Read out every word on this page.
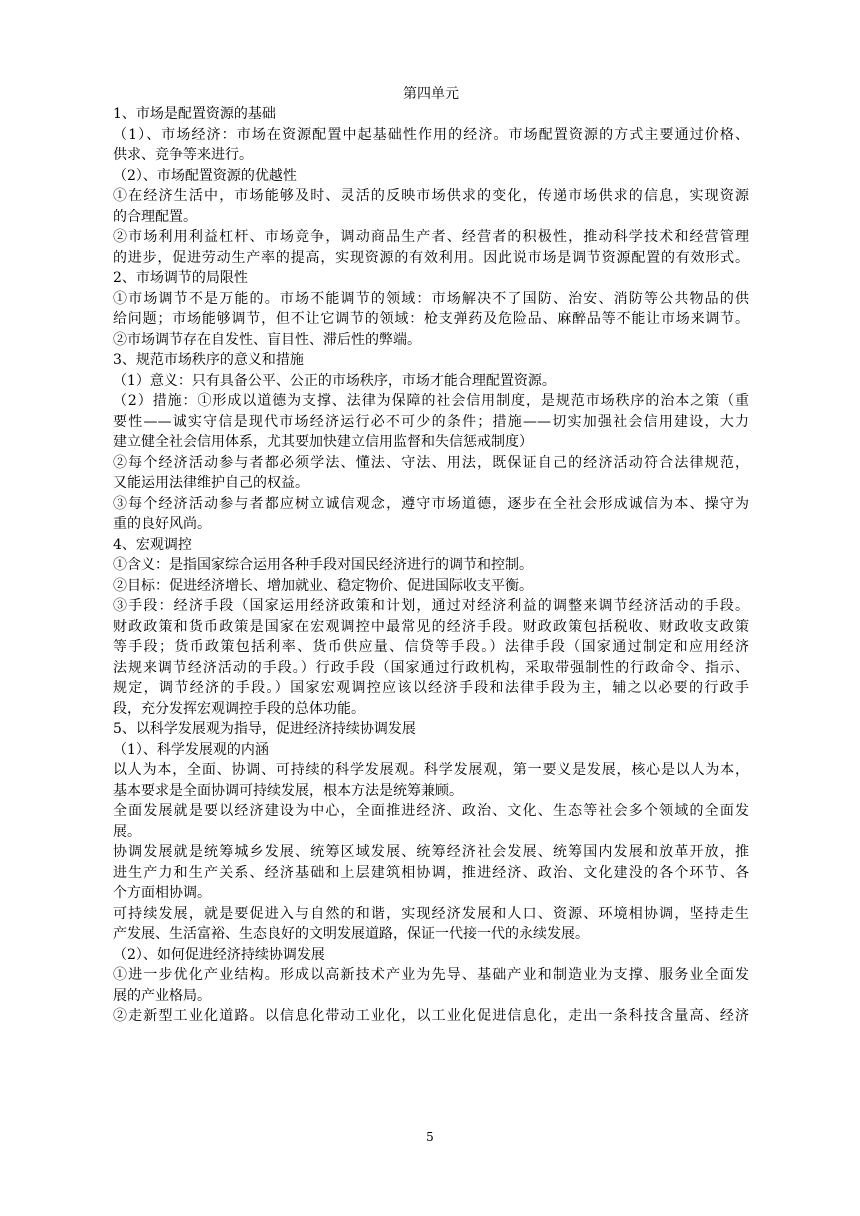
第四单元

1、市场是配置资源的基础

（1）、市场经济：市场在资源配置中起基础性作用的经济。市场配置资源的方式主要通过价格、

供求、竞争等来进行。

（2）、市场配置资源的优越性

①在经济生活中，市场能够及时、灵活的反映市场供求的变化，传递市场供求的信息，实现资源

的合理配置。

②市场利用利益杠杆、市场竞争，调动商品生产者、经营者的积极性，推动科学技术和经营管理

的进步，促进劳动生产率的提高，实现资源的有效利用。因此说市场是调节资源配置的有效形式。

2、市场调节的局限性

①市场调节不是万能的。市场不能调节的领域：市场解决不了国防、治安、消防等公共物品的供

给问题；市场能够调节，但不让它调节的领域：枪支弹药及危险品、麻醉品等不能让市场来调节。

②市场调节存在自发性、盲目性、滞后性的弊端。

3、规范市场秩序的意义和措施

（1）意义：只有具备公平、公正的市场秩序，市场才能合理配置资源。

（2）措施：①形成以道德为支撑、法律为保障的社会信用制度，是规范市场秩序的治本之策（重

要性——诚实守信是现代市场经济运行必不可少的条件；措施——切实加强社会信用建设，大力

建立健全社会信用体系，尤其要加快建立信用监督和失信惩戒制度）

②每个经济活动参与者都必须学法、懂法、守法、用法，既保证自己的经济活动符合法律规范，

又能运用法律维护自己的权益。

③每个经济活动参与者都应树立诚信观念，遵守市场道德，逐步在全社会形成诚信为本、操守为

重的良好风尚。

4、宏观调控

①含义：是指国家综合运用各种手段对国民经济进行的调节和控制。

②目标：促进经济增长、增加就业、稳定物价、促进国际收支平衡。

③手段：经济手段（国家运用经济政策和计划，通过对经济利益的调整来调节经济活动的手段。

财政政策和货币政策是国家在宏观调控中最常见的经济手段。财政政策包括税收、财政收支政策

等手段；货币政策包括利率、货币供应量、信贷等手段。）法律手段（国家通过制定和应用经济

法规来调节经济活动的手段。）行政手段（国家通过行政机构，采取带强制性的行政命令、指示、

规定，调节经济的手段。）国家宏观调控应该以经济手段和法律手段为主，辅之以必要的行政手

段，充分发挥宏观调控手段的总体功能。

5、以科学发展观为指导，促进经济持续协调发展

（1）、科学发展观的内涵

以人为本，全面、协调、可持续的科学发展观。科学发展观，第一要义是发展，核心是以人为本，

基本要求是全面协调可持续发展，根本方法是统筹兼顾。

全面发展就是要以经济建设为中心，全面推进经济、政治、文化、生态等社会多个领域的全面发

展。

协调发展就是统筹城乡发展、统筹区域发展、统筹经济社会发展、统筹国内发展和放革开放，推

进生产力和生产关系、经济基础和上层建筑相协调，推进经济、政治、文化建没的各个环节、各

个方面相协调。

可持续发展，就是要促进入与自然的和谐，实现经济发展和人口、资源、环境相协调，坚持走生

产发展、生活富裕、生态良好的文明发展道路，保证一代接一代的永续发展。

（2）、如何促进经济持续协调发展

①进一步优化产业结构。形成以高新技术产业为先导、基础产业和制造业为支撑、服务业全面发

展的产业格局。

②走新型工业化道路。以信息化带动工业化，以工业化促进信息化，走出一条科技含量高、经济

5
